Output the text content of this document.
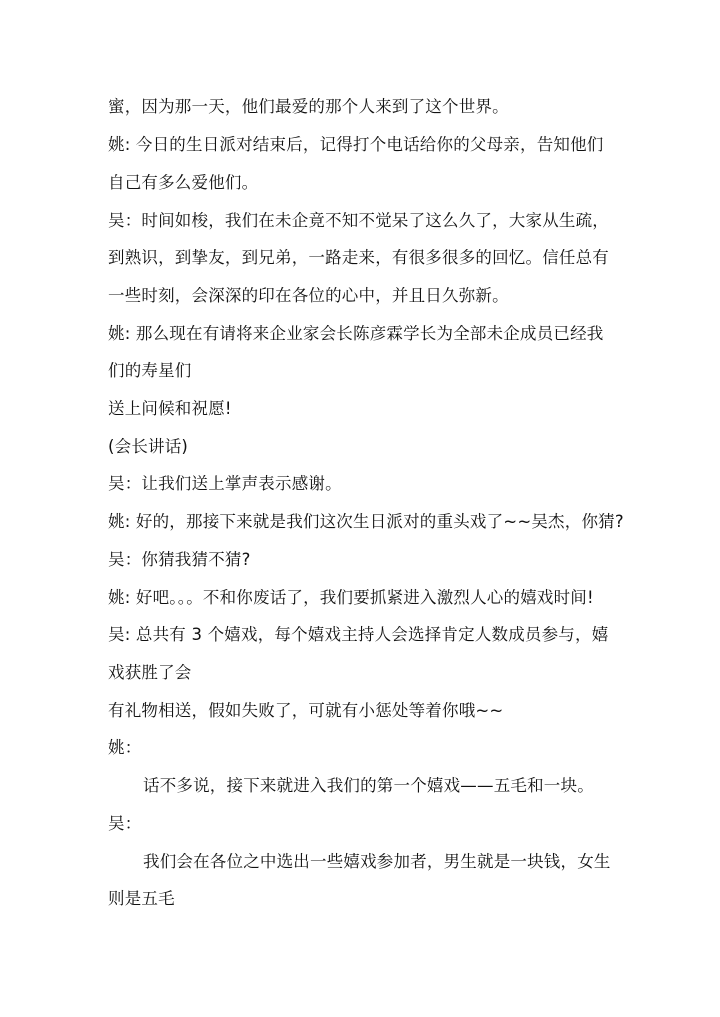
蜜，因为那一天，他们最爱的那个人来到了这个世界。
姚: 今日的生日派对结束后，记得打个电话给你的父母亲，告知他们
自己有多么爱他们。
吴：时间如梭，我们在未企竟不知不觉呆了这么久了，大家从生疏，
到熟识，到挚友，到兄弟，一路走来，有很多很多的回忆。信任总有
一些时刻，会深深的印在各位的心中，并且日久弥新。
姚: 那么现在有请将来企业家会长陈彦霖学长为全部未企成员已经我
们的寿星们
送上问候和祝愿!
(会长讲话)
吴：让我们送上掌声表示感谢。
姚: 好的，那接下来就是我们这次生日派对的重头戏了~~吴杰，你猜?
吴：你猜我猜不猜?
姚: 好吧。。。不和你废话了，我们要抓紧进入激烈人心的嬉戏时间!
吴: 总共有 3 个嬉戏，每个嬉戏主持人会选择肯定人数成员参与，嬉
戏获胜了会
有礼物相送，假如失败了，可就有小惩处等着你哦~~
姚：
话不多说，接下来就进入我们的第一个嬉戏——五毛和一块。
吴：
我们会在各位之中选出一些嬉戏参加者，男生就是一块钱，女生
则是五毛
